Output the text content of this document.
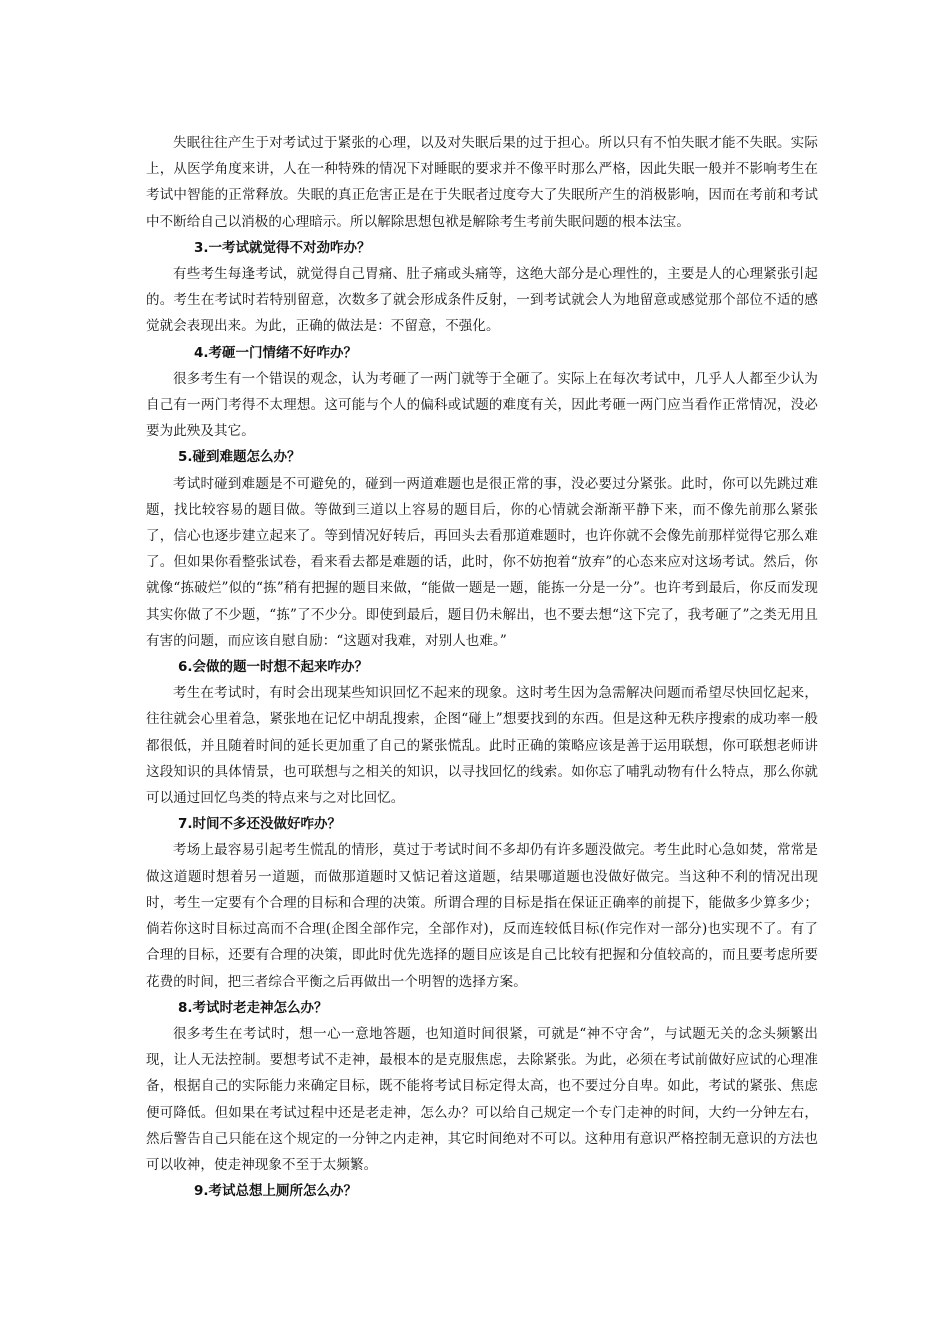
失眠往往产生于对考试过于紧张的心理，以及对失眠后果的过于担心。所以只有不怕失眠才能不失眠。实际上，从医学角度来讲，人在一种特殊的情况下对睡眠的要求并不像平时那么严格，因此失眠一般并不影响考生在考试中智能的正常释放。失眠的真正危害正是在于失眠者过度夸大了失眠所产生的消极影响，因而在考前和考试中不断给自己以消极的心理暗示。所以解除思想包袱是解除考生考前失眠问题的根本法宝。

3.一考试就觉得不对劲咋办？

有些考生每逢考试，就觉得自己胃痛、肚子痛或头痛等，这绝大部分是心理性的，主要是人的心理紧张引起的。考生在考试时若特别留意，次数多了就会形成条件反射，一到考试就会人为地留意或感觉那个部位不适的感觉就会表现出来。为此，正确的做法是：不留意，不强化。

4.考砸一门情绪不好咋办？

很多考生有一个错误的观念，认为考砸了一两门就等于全砸了。实际上在每次考试中，几乎人人都至少认为自己有一两门考得不太理想。这可能与个人的偏科或试题的难度有关，因此考砸一两门应当看作正常情况，没必要为此殃及其它。

5.碰到难题怎么办？

考试时碰到难题是不可避免的，碰到一两道难题也是很正常的事，没必要过分紧张。此时，你可以先跳过难题，找比较容易的题目做。等做到三道以上容易的题目后，你的心情就会渐渐平静下来，而不像先前那么紧张了，信心也逐步建立起来了。等到情况好转后，再回头去看那道难题时，也许你就不会像先前那样觉得它那么难了。但如果你看整张试卷，看来看去都是难题的话，此时，你不妨抱着“放弃”的心态来应对这场考试。然后，你就像“拣破烂”似的“拣”稍有把握的题目来做，“能做一题是一题，能拣一分是一分”。也许考到最后，你反而发现其实你做了不少题，“拣”了不少分。即使到最后，题目仍未解出，也不要去想“这下完了，我考砸了”之类无用且有害的问题，而应该自慰自励：“这题对我难，对别人也难。”

6.会做的题一时想不起来咋办？

考生在考试时，有时会出现某些知识回忆不起来的现象。这时考生因为急需解决问题而希望尽快回忆起来，往往就会心里着急，紧张地在记忆中胡乱搜索，企图“碰上”想要找到的东西。但是这种无秩序搜索的成功率一般都很低，并且随着时间的延长更加重了自己的紧张慌乱。此时正确的策略应该是善于运用联想，你可联想老师讲这段知识的具体情景，也可联想与之相关的知识，以寻找回忆的线索。如你忘了哺乳动物有什么特点，那么你就可以通过回忆鸟类的特点来与之对比回忆。

7.时间不多还没做好咋办？

考场上最容易引起考生慌乱的情形，莫过于考试时间不多却仍有许多题没做完。考生此时心急如焚，常常是做这道题时想着另一道题，而做那道题时又惦记着这道题，结果哪道题也没做好做完。当这种不利的情况出现时，考生一定要有个合理的目标和合理的决策。所谓合理的目标是指在保证正确率的前提下，能做多少算多少；倘若你这时目标过高而不合理(企图全部作完，全部作对)，反而连较低目标(作完作对一部分)也实现不了。有了合理的目标，还要有合理的决策，即此时优先选择的题目应该是自己比较有把握和分值较高的，而且要考虑所要花费的时间，把三者综合平衡之后再做出一个明智的选择方案。

8.考试时老走神怎么办？

很多考生在考试时，想一心一意地答题，也知道时间很紧，可就是“神不守舍”，与试题无关的念头频繁出现，让人无法控制。要想考试不走神，最根本的是克服焦虑，去除紧张。为此，必须在考试前做好应试的心理准备，根据自己的实际能力来确定目标，既不能将考试目标定得太高，也不要过分自卑。如此，考试的紧张、焦虑便可降低。但如果在考试过程中还是老走神，怎么办？可以给自己规定一个专门走神的时间，大约一分钟左右，然后警告自己只能在这个规定的一分钟之内走神，其它时间绝对不可以。这种用有意识严格控制无意识的方法也可以收神，使走神现象不至于太频繁。

9.考试总想上厕所怎么办？
